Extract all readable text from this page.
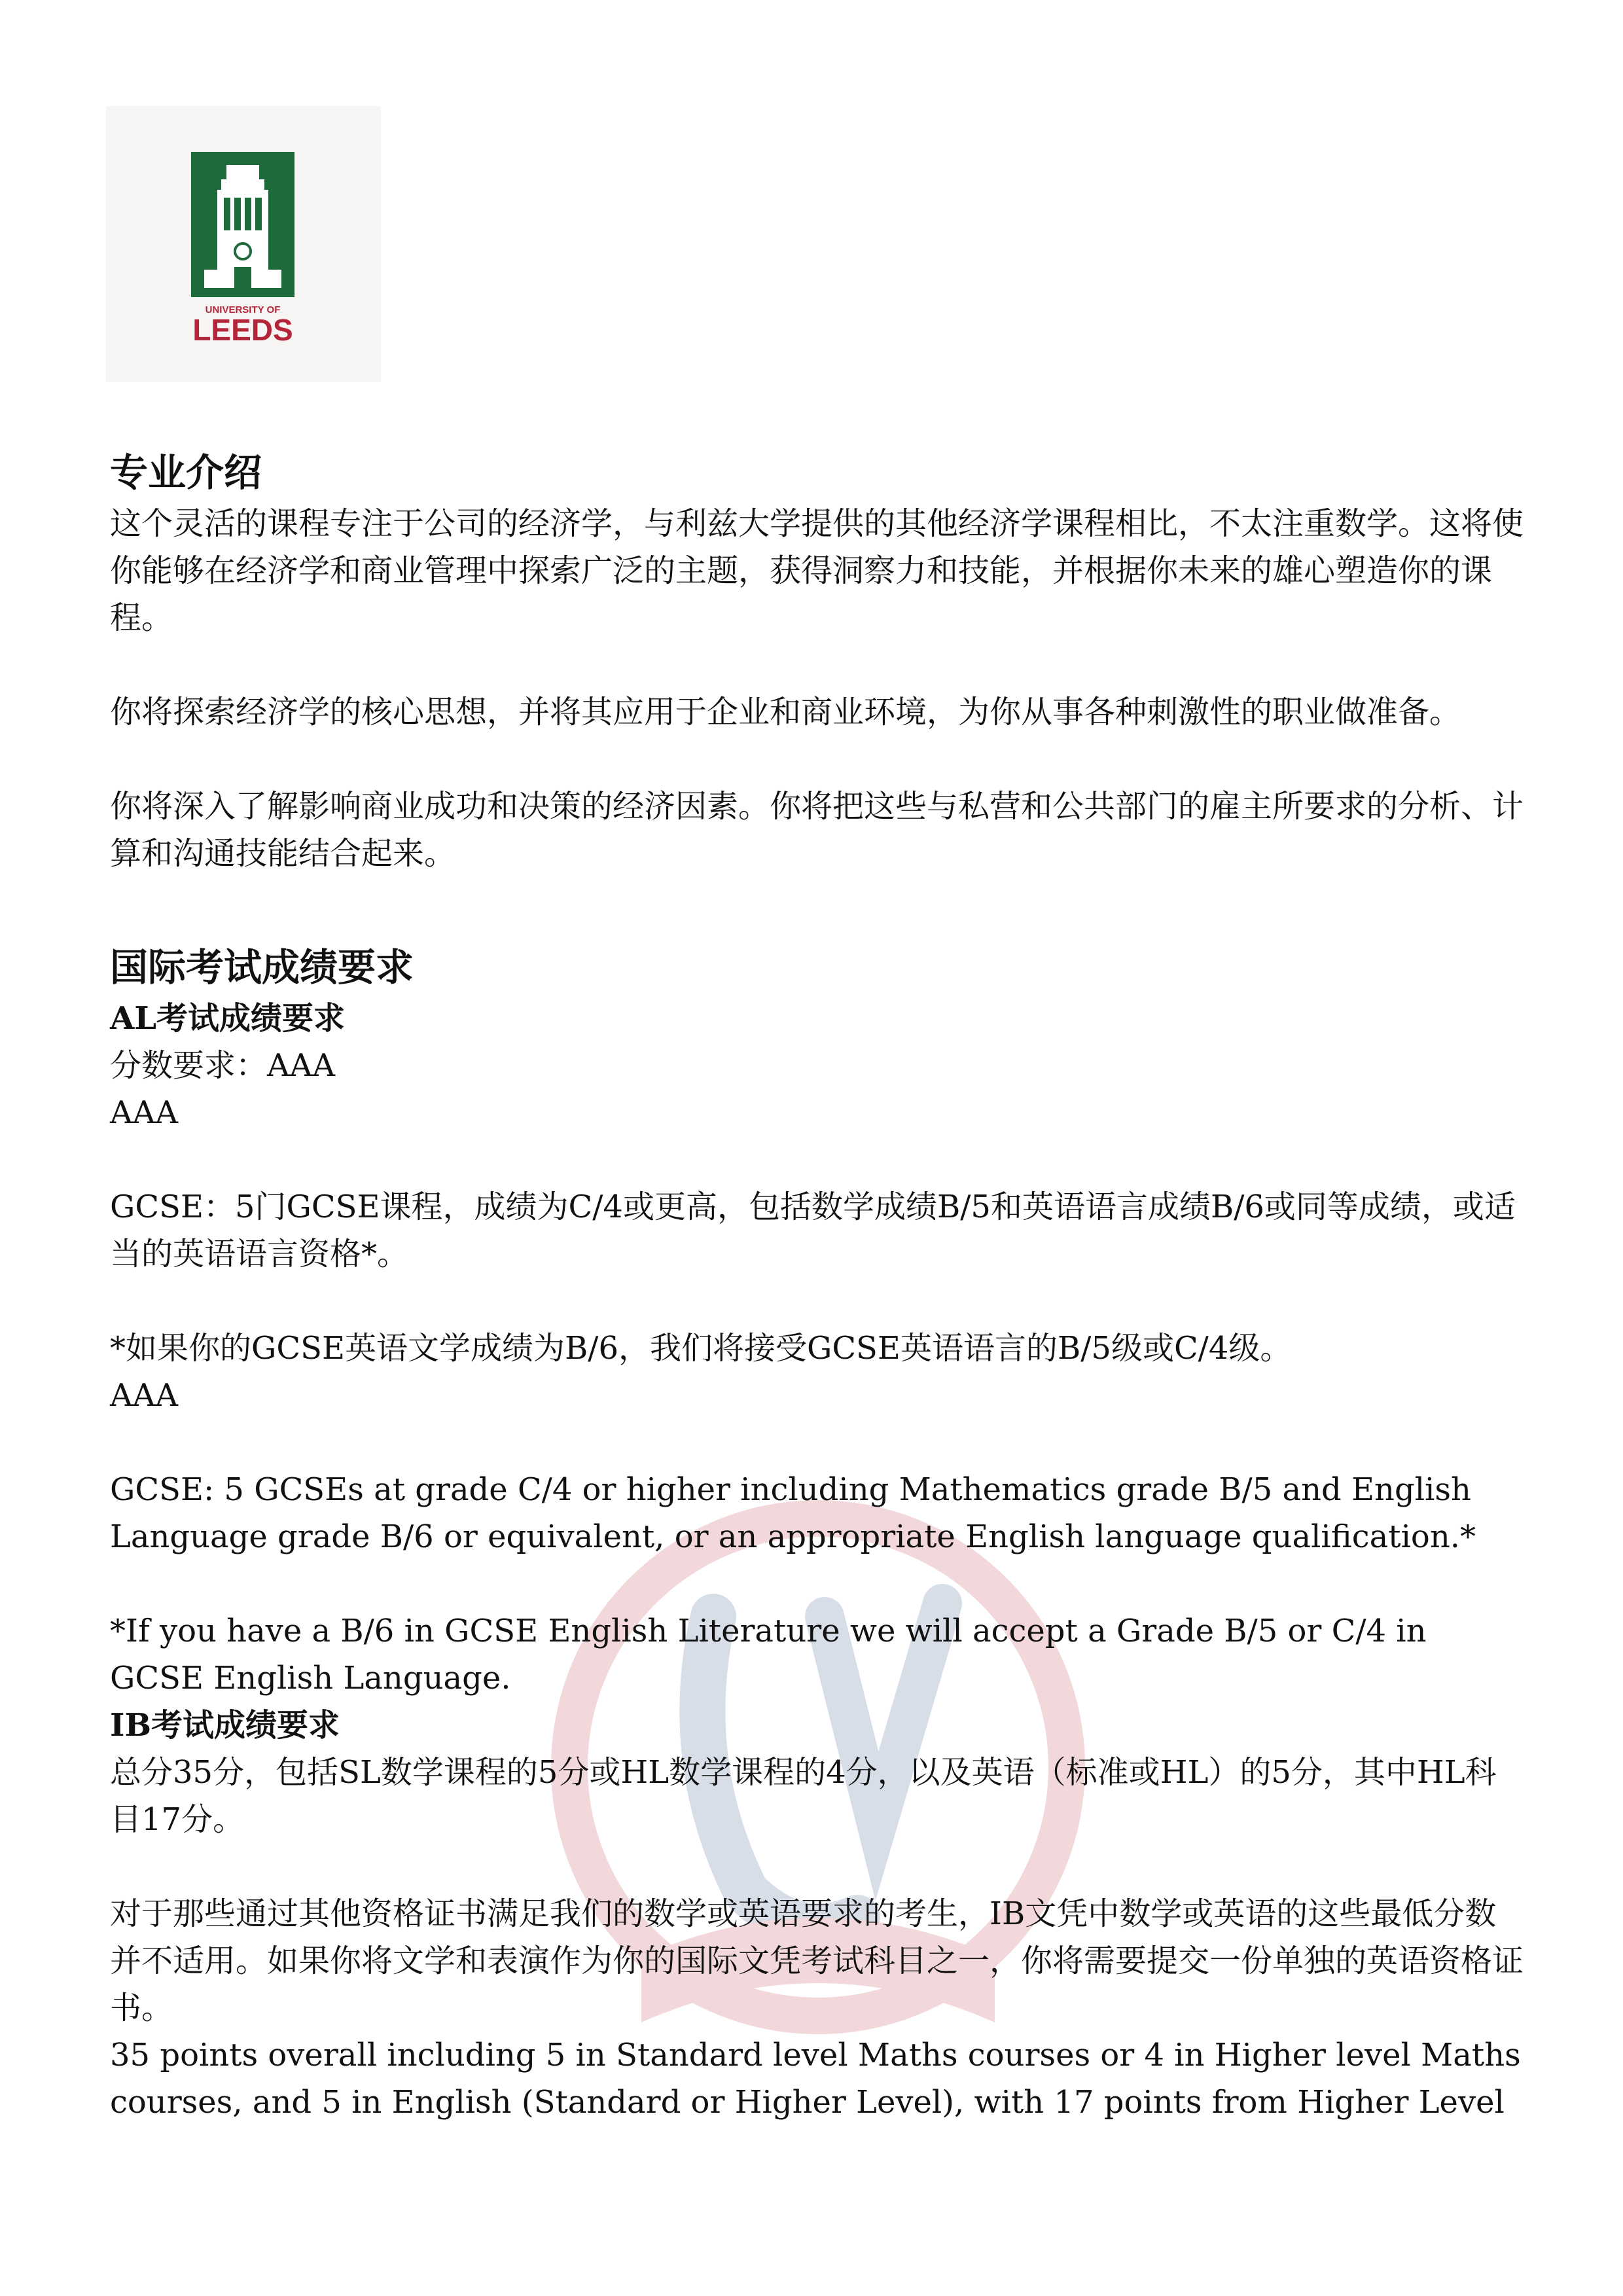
UNIVERSITY OF
LEEDS
专业介绍

这个灵活的课程专注于公司的经济学，与利兹大学提供的其他经济学课程相比，不太注重数学。这将使你能够在经济学和商业管理中探索广泛的主题，获得洞察力和技能，并根据你未来的雄心塑造你的课程。

你将探索经济学的核心思想，并将其应用于企业和商业环境，为你从事各种刺激性的职业做准备。

你将深入了解影响商业成功和决策的经济因素。你将把这些与私营和公共部门的雇主所要求的分析、计算和沟通技能结合起来。

国际考试成绩要求
AL考试成绩要求

分数要求：AAA

AAA

GCSE：5门GCSE课程，成绩为C/4或更高，包括数学成绩B/5和英语语言成绩B/6或同等成绩，或适当的英语语言资格*。

*如果你的GCSE英语文学成绩为B/6，我们将接受GCSE英语语言的B/5级或C/4级。

AAA

GCSE: 5 GCSEs at grade C/4 or higher including Mathematics grade B/5 and English Language grade B/6 or equivalent, or an appropriate English language qualification.*

*If you have a B/6 in GCSE English Literature we will accept a Grade B/5 or C/4 in GCSE English Language.

IB考试成绩要求

总分35分，包括SL数学课程的5分或HL数学课程的4分，以及英语（标准或HL）的5分，其中HL科目17分。

对于那些通过其他资格证书满足我们的数学或英语要求的考生，IB文凭中数学或英语的这些最低分数并不适用。如果你将文学和表演作为你的国际文凭考试科目之一，你将需要提交一份单独的英语资格证书。

35 points overall including 5 in Standard level Maths courses or 4 in Higher level Maths courses, and 5 in English (Standard or Higher Level), with 17 points from Higher Level
